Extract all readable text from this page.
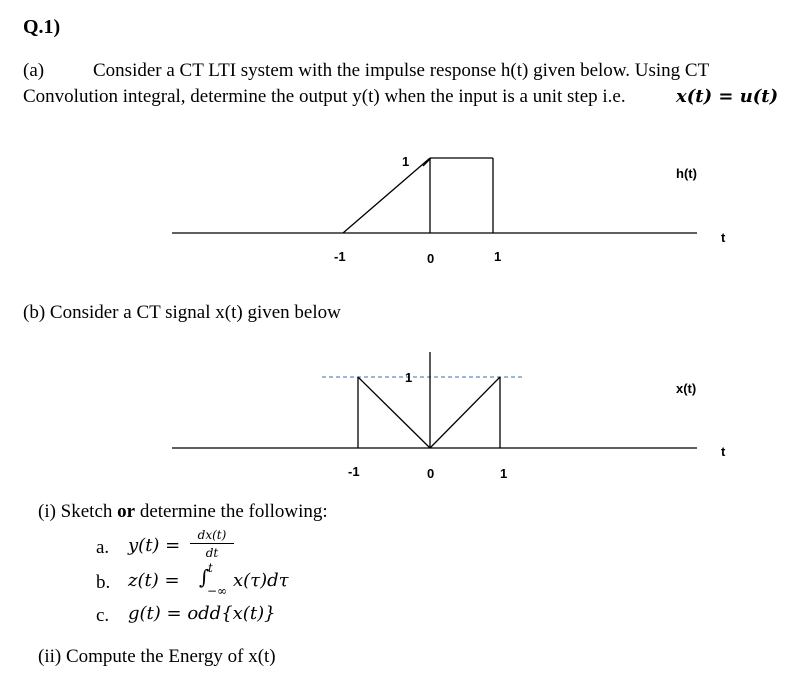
Q.1)
(a)	Consider a CT LTI system with the impulse response h(t) given below. Using CT
Convolution integral, determine the output y(t) when the input is a unit step i.e.	x(t) = u(t)
1
h(t)
t
-1	0	1
(b) Consider a CT signal x(t) given below
1
x(t)
t
-1	0	1
(i) Sketch or determine the following:
a. $y(t) = \frac{dx(t)}{dt}$
b. z(t) = ∫
t
−∞ x(τ)dτ
c. g(t) = odd{x(t)}
(ii) Compute the Energy of x(t)
